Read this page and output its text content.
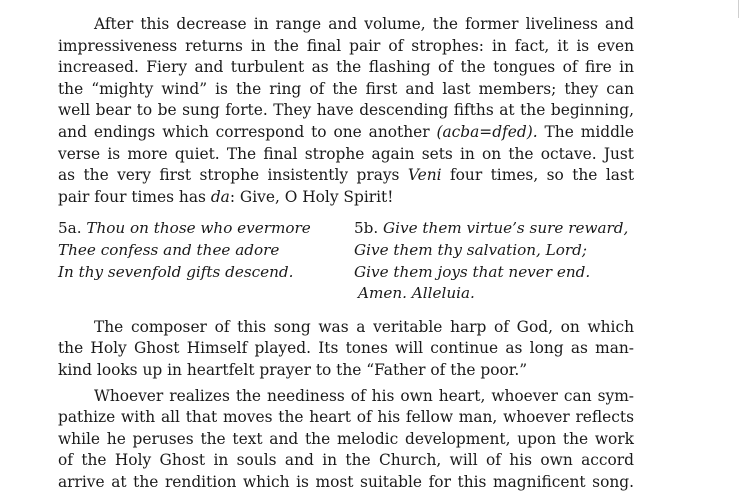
After this decrease in range and volume, the former liveliness and
impressiveness returns in the final pair of strophes: in fact, it is even
increased. Fiery and turbulent as the flashing of the tongues of fire in
the “mighty wind” is the ring of the first and last members; they can
well bear to be sung forte. They have descending fifths at the beginning,
and endings which correspond to one another (acba=dfed). The middle
verse is more quiet. The final strophe again sets in on the octave. Just
as the very first strophe insistently prays Veni four times, so the last
pair four times has da: Give, O Holy Spirit!

5a. Thou on those who evermore
Thee confess and thee adore
In thy sevenfold gifts descend.
5b. Give them virtue’s sure reward,
Give them thy salvation, Lord;
Give them joys that never end.
Amen. Alleluia.

The composer of this song was a veritable harp of God, on which
the Holy Ghost Himself played. Its tones will continue as long as man-
kind looks up in heartfelt prayer to the “Father of the poor.”

Whoever realizes the neediness of his own heart, whoever can sym-
pathize with all that moves the heart of his fellow man, whoever reflects
while he peruses the text and the melodic development, upon the work
of the Holy Ghost in souls and in the Church, will of his own accord
arrive at the rendition which is most suitable for this magnificent song.
